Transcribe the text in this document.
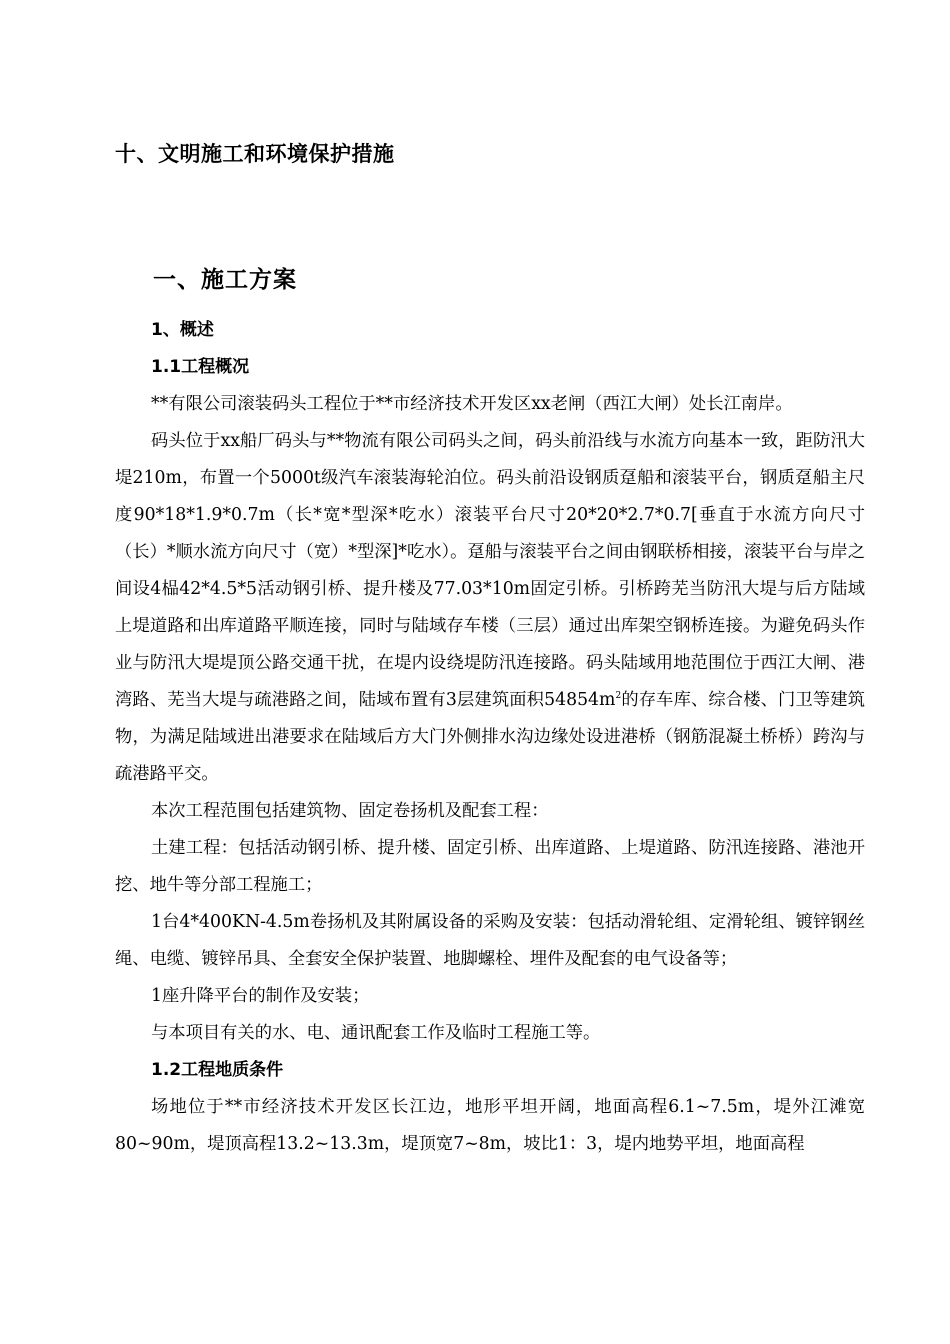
十、文明施工和环境保护措施
一、施工方案
1、概述
1.1工程概况

**有限公司滚装码头工程位于**市经济技术开发区xx老闸（西江大闸）处长江南岸。

码头位于xx船厂码头与**物流有限公司码头之间，码头前沿线与水流方向基本一致，距防汛大堤210m，布置一个5000t级汽车滚装海轮泊位。码头前沿设钢质趸船和滚装平台，钢质趸船主尺度90*18*1.9*0.7m（长*宽*型深*吃水）滚装平台尺寸20*20*2.7*0.7[垂直于水流方向尺寸（长）*顺水流方向尺寸（宽）*型深]*吃水）。趸船与滚装平台之间由钢联桥相接，滚装平台与岸之间设4榀42*4.5*5活动钢引桥、提升楼及77.03*10m固定引桥。引桥跨芜当防汛大堤与后方陆域上堤道路和出库道路平顺连接，同时与陆域存车楼（三层）通过出库架空钢桥连接。为避免码头作业与防汛大堤堤顶公路交通干扰，在堤内设绕堤防汛连接路。码头陆域用地范围位于西江大闸、港湾路、芜当大堤与疏港路之间，陆域布置有3层建筑面积$54854m^2$的存车库、综合楼、门卫等建筑物，为满足陆域进出港要求在陆域后方大门外侧排水沟边缘处设进港桥（钢筋混凝土桥桥）跨沟与疏港路平交。

本次工程范围包括建筑物、固定卷扬机及配套工程：

土建工程：包括活动钢引桥、提升楼、固定引桥、出库道路、上堤道路、防汛连接路、港池开挖、地牛等分部工程施工；

1台4*400KN-4.5m卷扬机及其附属设备的采购及安装：包括动滑轮组、定滑轮组、镀锌钢丝绳、电缆、镀锌吊具、全套安全保护装置、地脚螺栓、埋件及配套的电气设备等；

1座升降平台的制作及安装；

与本项目有关的水、电、通讯配套工作及临时工程施工等。

1.2工程地质条件

场地位于**市经济技术开发区长江边，地形平坦开阔，地面高程6.1~7.5m，堤外江滩宽80~90m，堤顶高程13.2~13.3m，堤顶宽7~8m，坡比1：3，堤内地势平坦，地面高程
